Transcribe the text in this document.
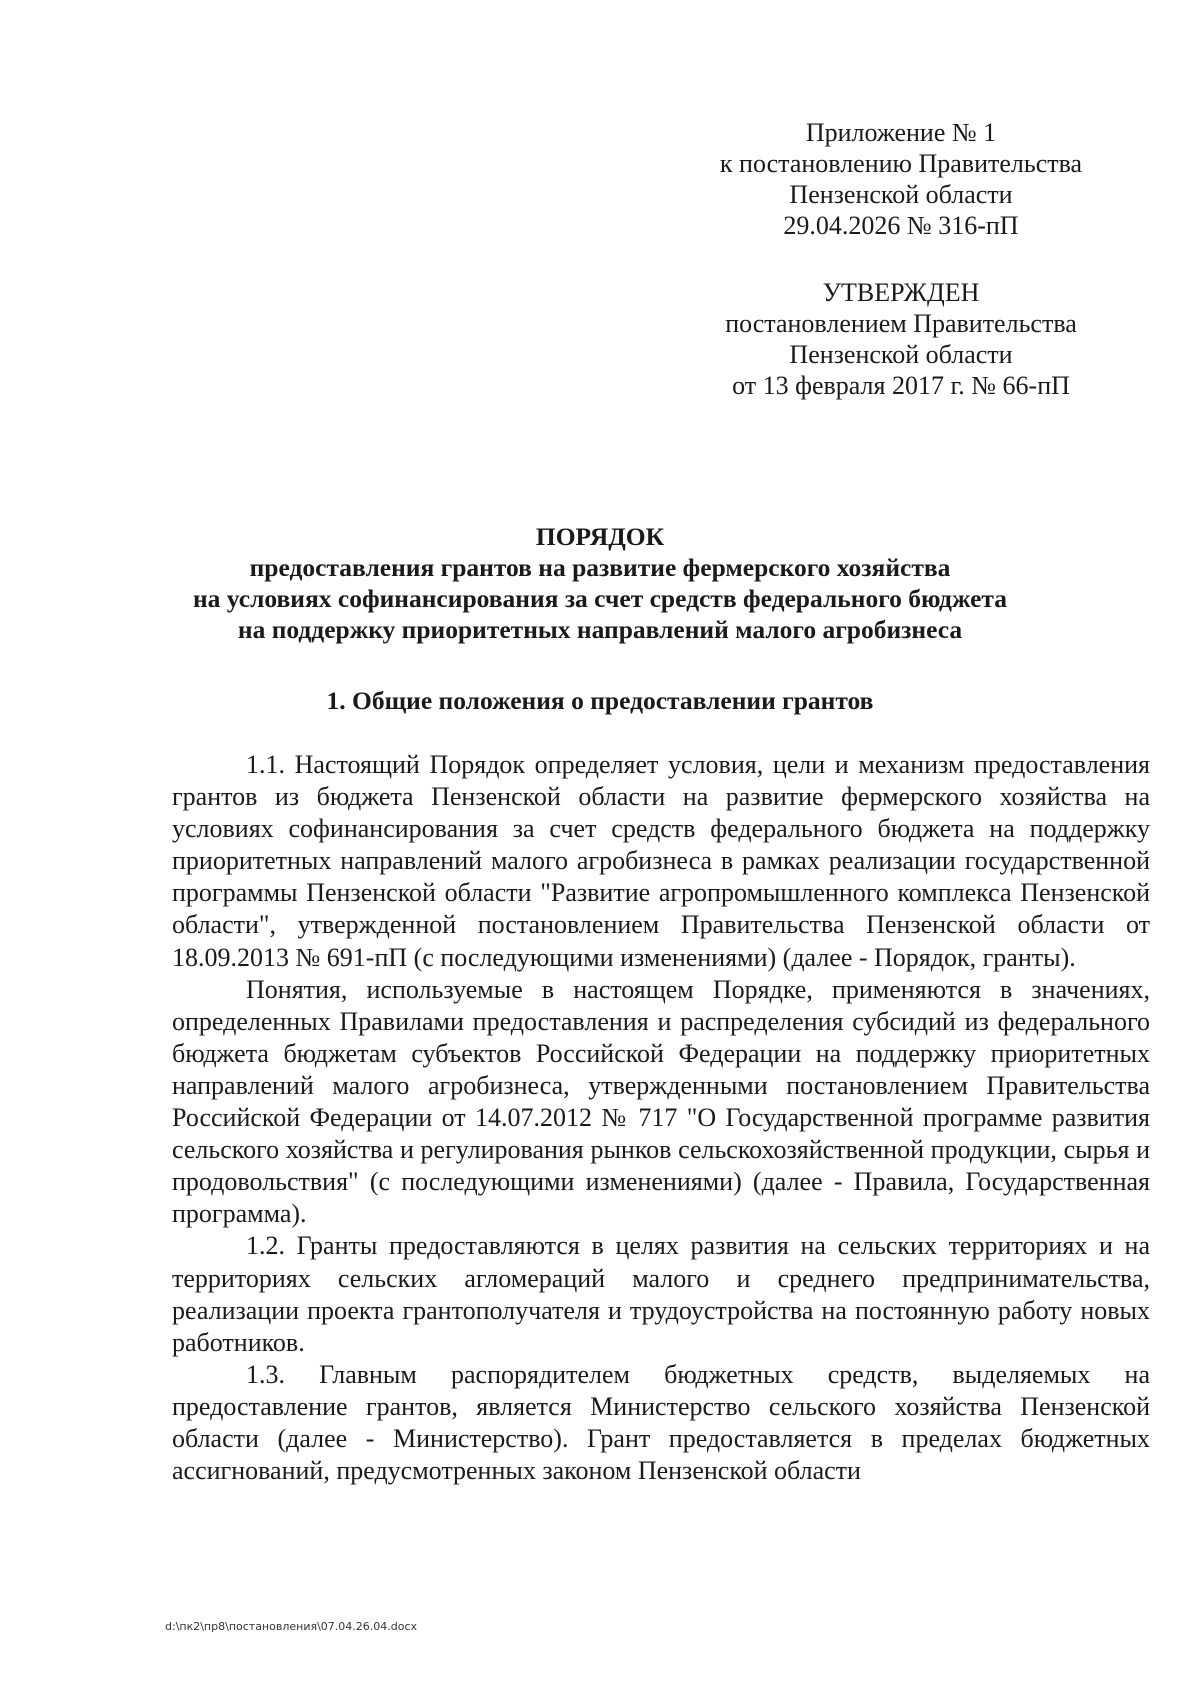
Приложение № 1
к постановлению Правительства
Пензенской области
29.04.2026 № 316-пП
УТВЕРЖДЕН
постановлением Правительства
Пензенской области
от 13 февраля 2017 г. № 66-пП
ПОРЯДОК
предоставления грантов на развитие фермерского хозяйства
на условиях софинансирования за счет средств федерального бюджета
на поддержку приоритетных направлений малого агробизнеса
1. Общие положения о предоставлении грантов

1.1. Настоящий Порядок определяет условия, цели и механизм предоставления грантов из бюджета Пензенской области на развитие фермерского хозяйства на условиях софинансирования за счет средств федерального бюджета на поддержку приоритетных направлений малого агробизнеса в рамках реализации государственной программы Пензенской области "Развитие агропромышленного комплекса Пензенской области", утвержденной постановлением Правительства Пензенской области от 18.09.2013 № 691-пП (с последующими изменениями) (далее - Порядок, гранты).

Понятия, используемые в настоящем Порядке, применяются в значениях, определенных Правилами предоставления и распределения субсидий из федерального бюджета бюджетам субъектов Российской Федерации на поддержку приоритетных направлений малого агробизнеса, утвержденными постановлением Правительства Российской Федерации от 14.07.2012 № 717 "О Государственной программе развития сельского хозяйства и регулирования рынков сельскохозяйственной продукции, сырья и продовольствия" (с последующими изменениями) (далее - Правила, Государственная программа).

1.2. Гранты предоставляются в целях развития на сельских территориях и на территориях сельских агломераций малого и среднего предпринимательства, реализации проекта грантополучателя и трудоустройства на постоянную работу новых работников.

1.3. Главным распорядителем бюджетных средств, выделяемых на предоставление грантов, является Министерство сельского хозяйства Пензенской области (далее - Министерство). Грант предоставляется в пределах бюджетных ассигнований, предусмотренных законом Пензенской области

d:\пк2\пр8\постановления\07.04.26.04.docx
